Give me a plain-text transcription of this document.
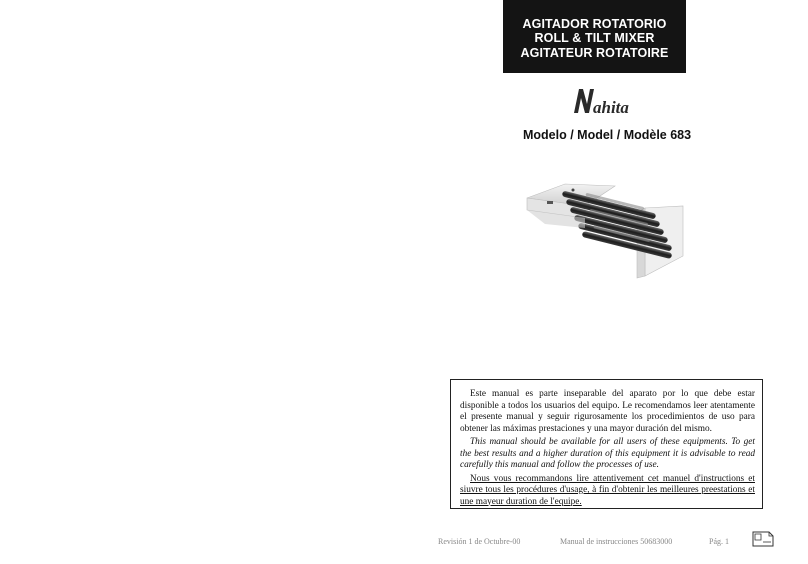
AGITADOR ROTATORIO
ROLL & TILT MIXER
AGITATEUR ROTATOIRE
ahita
Modelo / Model / Modèle 683

Este manual es parte inseparable del aparato por lo que debe estar disponible a todos los usuarios del equipo. Le recomendamos leer atentamente el presente manual y seguir rigurosamente los procedimientos de uso para obtener las máximas prestaciones y una mayor duración del mismo.

This manual should be available for all users of these equipments. To get the best results and a higher duration of this equipment it is advisable to read carefully this manual and follow the processes of use.

Nous vous recommandons lire attentivement cet manuel d'instructions et siuvre tous les procédures d'usage, à fin d'obtenir les meilleures preestations et une mayeur duration de l'equipe.

Revisión 1 de Octubre-00	Manual de instrucciones 50683000	Pág. 1
